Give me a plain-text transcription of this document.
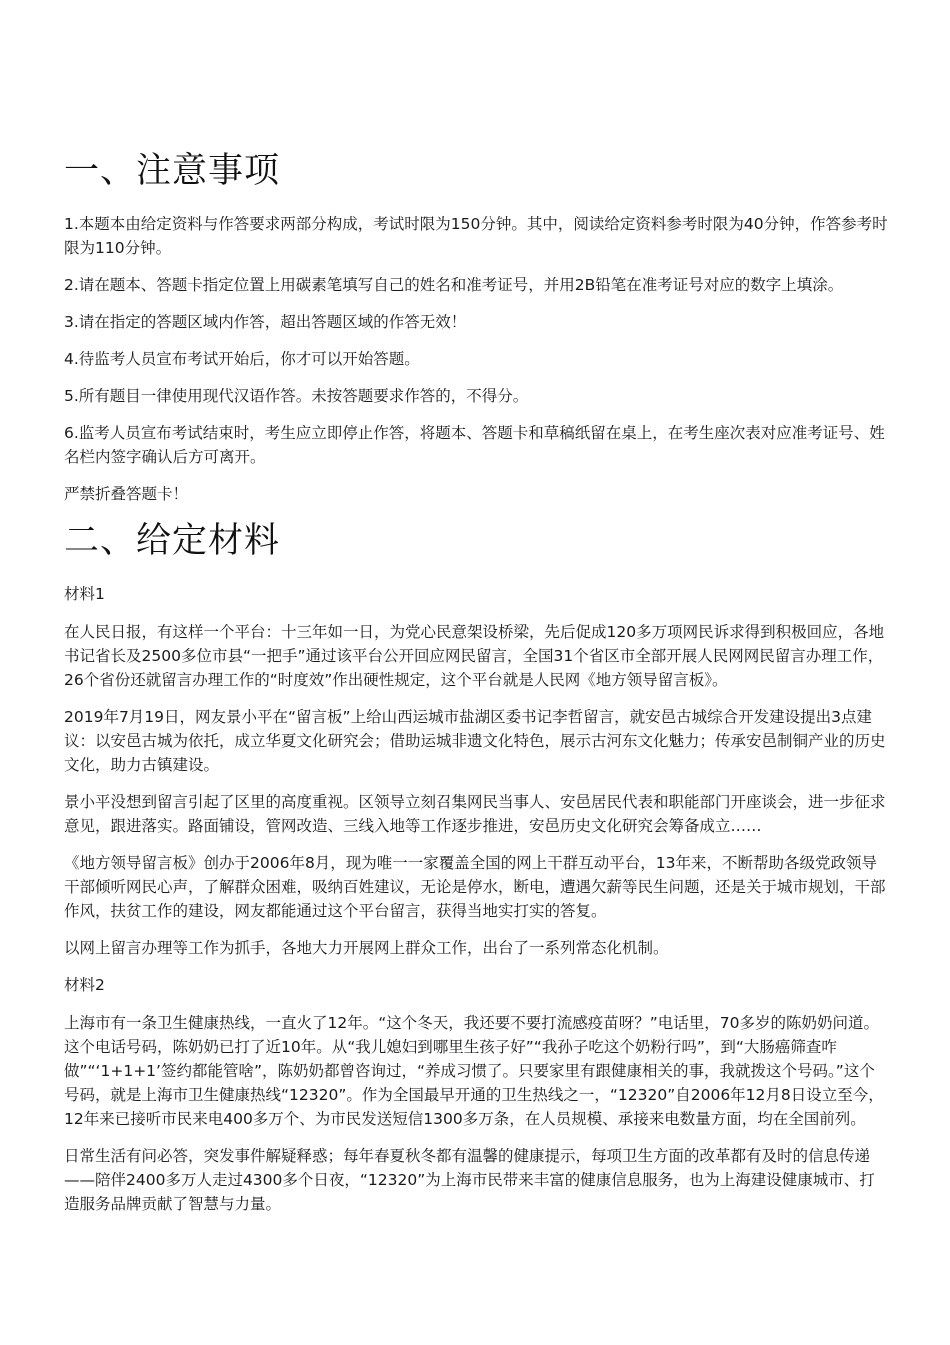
一、注意事项

1.本题本由给定资料与作答要求两部分构成，考试时限为150分钟。其中，阅读给定资料参考时限为40分钟，作答参考时限为110分钟。

2.请在题本、答题卡指定位置上用碳素笔填写自己的姓名和准考证号，并用2B铅笔在准考证号对应的数字上填涂。

3.请在指定的答题区域内作答，超出答题区域的作答无效！

4.待监考人员宣布考试开始后，你才可以开始答题。

5.所有题目一律使用现代汉语作答。未按答题要求作答的，不得分。

6.监考人员宣布考试结束时，考生应立即停止作答，将题本、答题卡和草稿纸留在桌上，在考生座次表对应准考证号、姓名栏内签字确认后方可离开。

严禁折叠答题卡！

二、给定材料

材料1

在人民日报，有这样一个平台：十三年如一日，为党心民意架设桥梁，先后促成120多万项网民诉求得到积极回应，各地书记省长及2500多位市县“一把手”通过该平台公开回应网民留言，全国31个省区市全部开展人民网网民留言办理工作，26个省份还就留言办理工作的“时度效”作出硬性规定，这个平台就是人民网《地方领导留言板》。

2019年7月19日，网友景小平在“留言板”上给山西运城市盐湖区委书记李哲留言，就安邑古城综合开发建设提出3点建议：以安邑古城为依托，成立华夏文化研究会；借助运城非遗文化特色，展示古河东文化魅力；传承安邑制铜产业的历史文化，助力古镇建设。

景小平没想到留言引起了区里的高度重视。区领导立刻召集网民当事人、安邑居民代表和职能部门开座谈会，进一步征求意见，跟进落实。路面铺设，管网改造、三线入地等工作逐步推进，安邑历史文化研究会筹备成立……

《地方领导留言板》创办于2006年8月，现为唯一一家覆盖全国的网上干群互动平台，13年来，不断帮助各级党政领导干部倾听网民心声，了解群众困难，吸纳百姓建议，无论是停水，断电，遭遇欠薪等民生问题，还是关于城市规划，干部作风，扶贫工作的建设，网友都能通过这个平台留言，获得当地实打实的答复。

以网上留言办理等工作为抓手，各地大力开展网上群众工作，出台了一系列常态化机制。

材料2

上海市有一条卫生健康热线，一直火了12年。“这个冬天，我还要不要打流感疫苗呀？”电话里，70多岁的陈奶奶问道。这个电话号码，陈奶奶已打了近10年。从“我儿媳妇到哪里生孩子好”“我孙子吃这个奶粉行吗”，到“大肠癌筛查咋做”“‘1+1+1’签约都能管啥”，陈奶奶都曾咨询过，“养成习惯了。只要家里有跟健康相关的事，我就拨这个号码。”这个号码，就是上海市卫生健康热线“12320”。作为全国最早开通的卫生热线之一，“12320”自2006年12月8日设立至今，12年来已接听市民来电400多万个、为市民发送短信1300多万条，在人员规模、承接来电数量方面，均在全国前列。

日常生活有问必答，突发事件解疑释惑；每年春夏秋冬都有温馨的健康提示，每项卫生方面的改革都有及时的信息传递——陪伴2400多万人走过4300多个日夜，“12320”为上海市民带来丰富的健康信息服务，也为上海建设健康城市、打造服务品牌贡献了智慧与力量。
